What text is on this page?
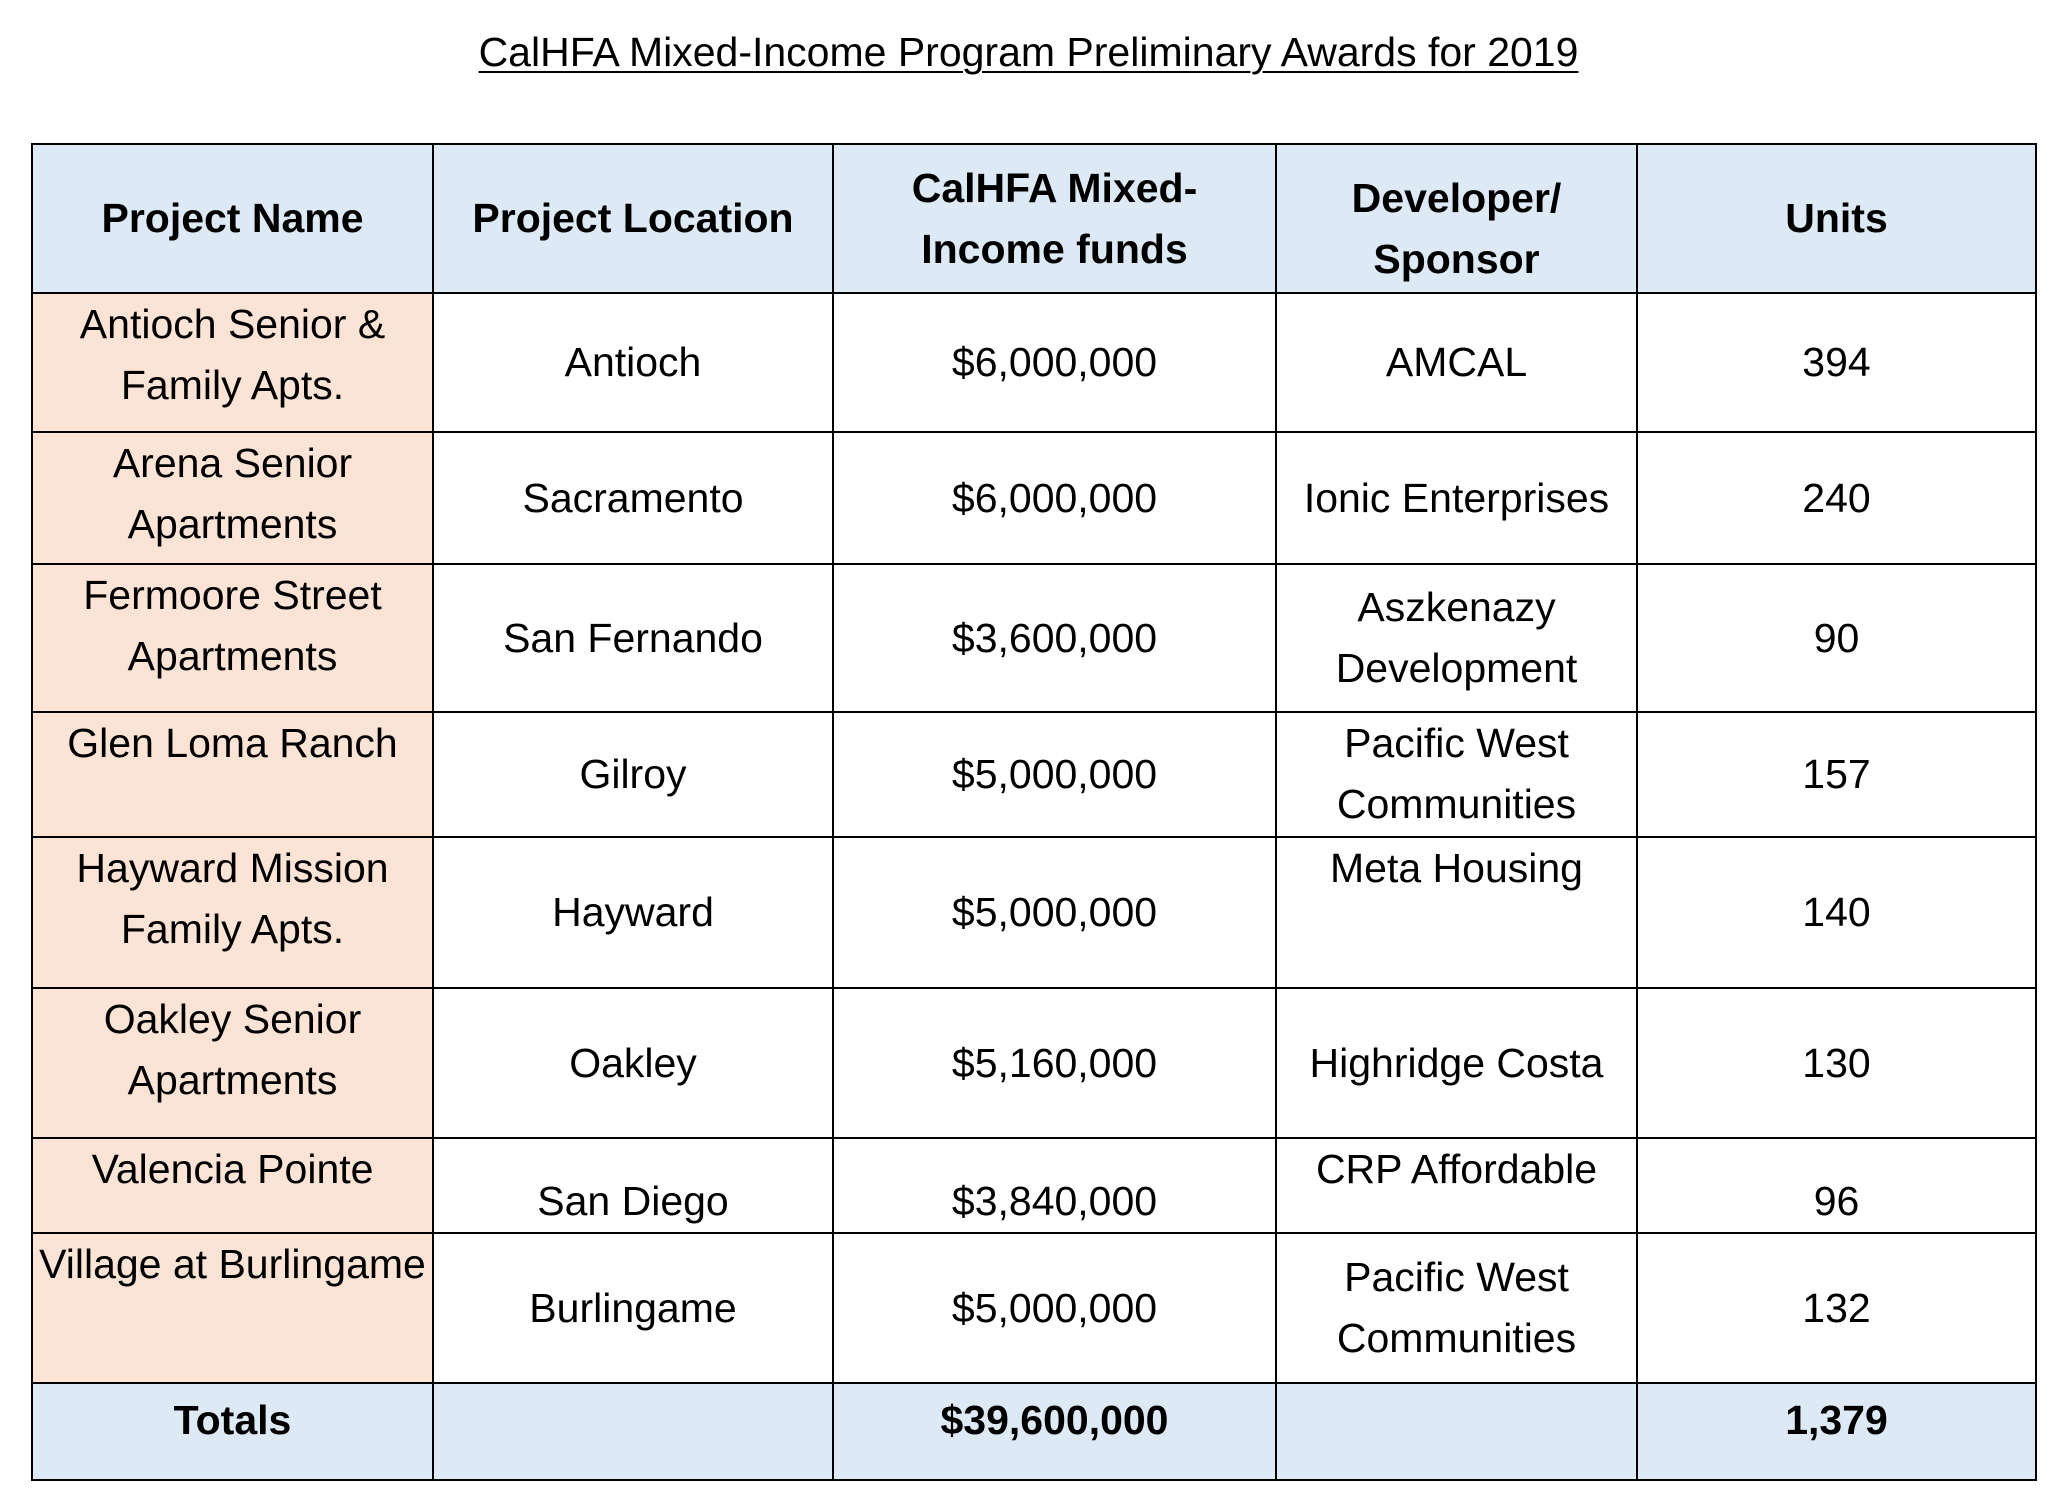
CalHFA Mixed-Income Program Preliminary Awards for 2019
Project Name	Project Location	CalHFA Mixed-Income funds	Developer/ Sponsor	Units
Antioch Senior & Family Apts.	Antioch	$6,000,000	AMCAL	394
Arena Senior Apartments	Sacramento	$6,000,000	Ionic Enterprises	240
Fermoore Street Apartments	San Fernando	$3,600,000	Aszkenazy Development	90
Glen Loma Ranch	Gilroy	$5,000,000	Pacific West Communities	157
Hayward Mission Family Apts.	Hayward	$5,000,000	Meta Housing	140
Oakley Senior Apartments	Oakley	$5,160,000	Highridge Costa	130
Valencia Pointe	San Diego	$3,840,000	CRP Affordable	96
Village at Burlingame	Burlingame	$5,000,000	Pacific West Communities	132
Totals		$39,600,000		1,379
